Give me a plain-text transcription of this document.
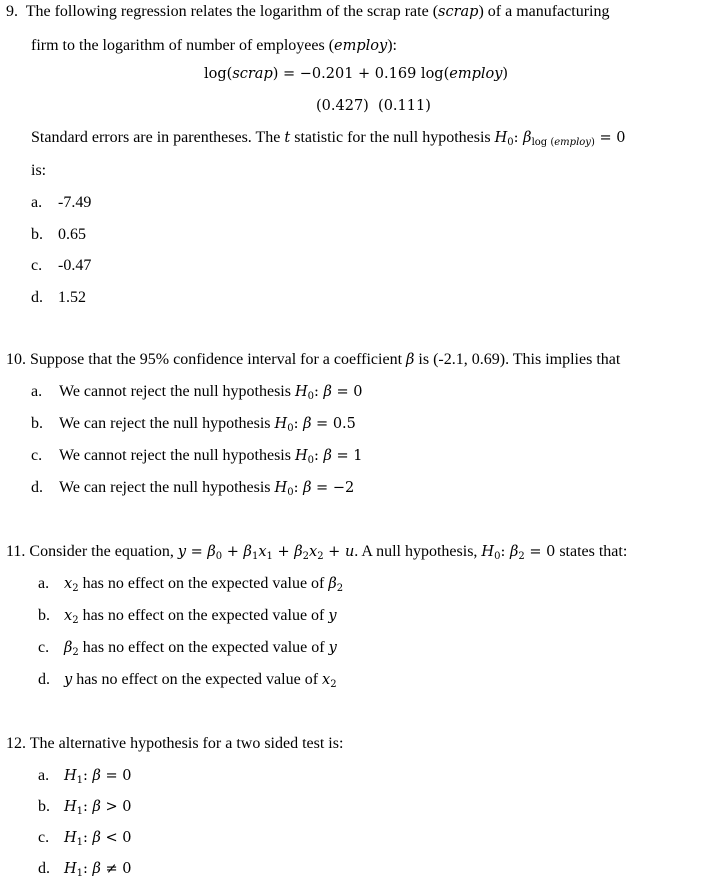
9. The following regression relates the logarithm of the scrap rate (scrap) of a manufacturing
firm to the logarithm of number of employees (employ):
log(scrap) = −0.201 + 0.169 log(employ)
(0.427) (0.111)
Standard errors are in parentheses. The t statistic for the null hypothesis $H_0$: $\beta_{log (employ)} = 0$
is:
a. -7.49
b. 0.65
c. -0.47
d. 1.52
10. Suppose that the 95% confidence interval for a coefficient β is (-2.1, 0.69). This implies that
a. We cannot reject the null hypothesis $H_0$: β = 0
b. We can reject the null hypothesis $H_0$: β = 0.5
c. We cannot reject the null hypothesis $H_0$: β = 1
d. We can reject the null hypothesis $H_0$: β = −2
11. Consider the equation, $y = \beta_0 + \beta_1x_1 + \beta_2x_2 + u$. A null hypothesis, $H_0$: $\beta_2 = 0$ states that:
a. $x_2$ has no effect on the expected value of $\beta_2$
b. $x_2$ has no effect on the expected value of y
c. $\beta_2$ has no effect on the expected value of y
d. y has no effect on the expected value of $x_2$
12. The alternative hypothesis for a two sided test is:
a. $H_1$: β = 0
b. $H_1$: β > 0
c. $H_1$: β < 0
d. $H_1$: β ≠ 0
